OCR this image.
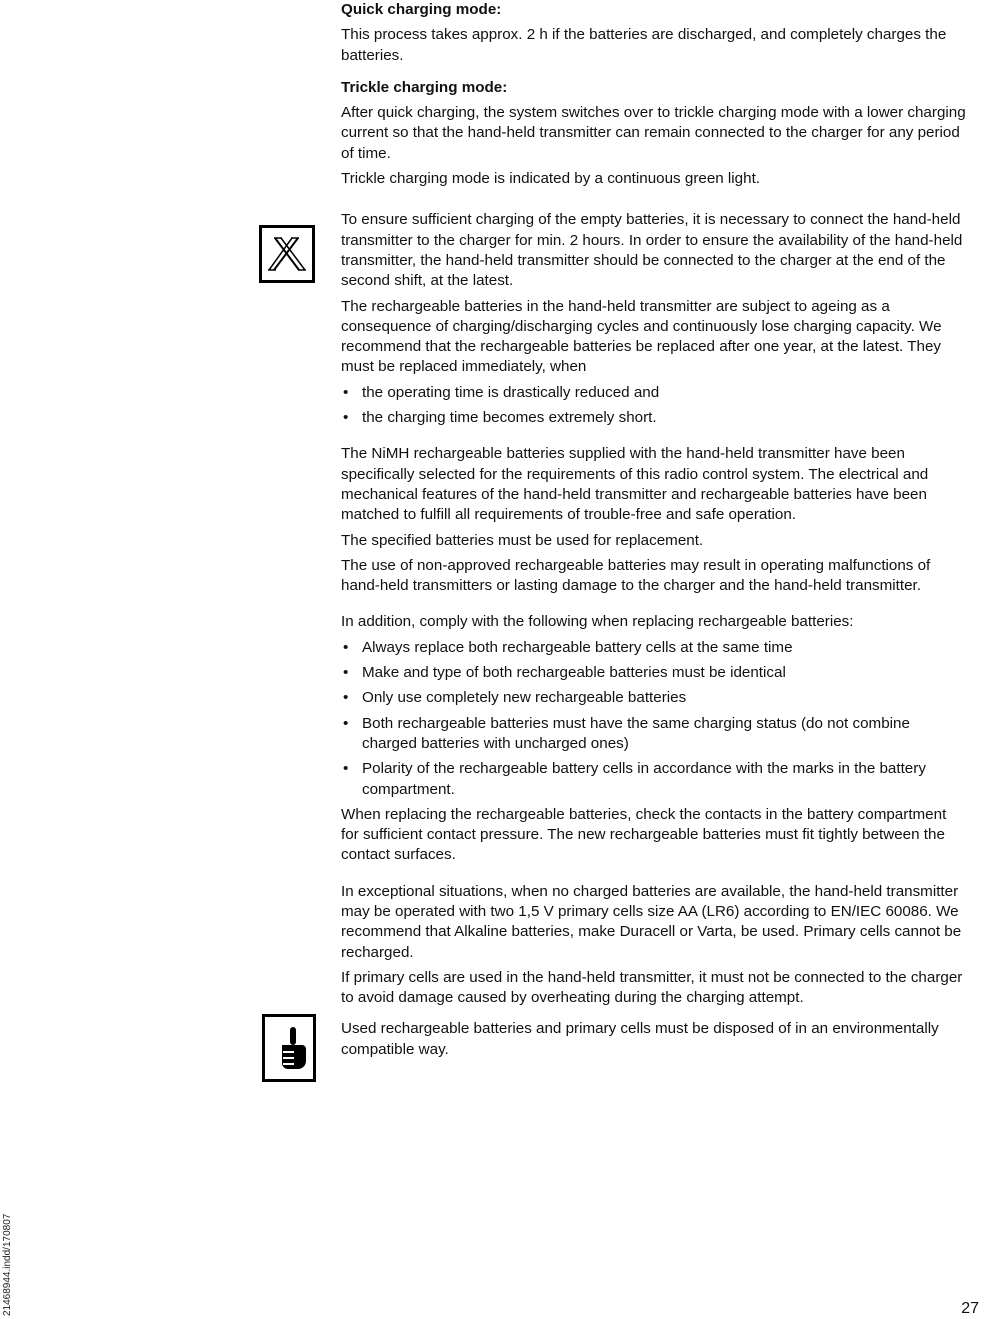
Quick charging mode:

This process takes approx. 2 h if the batteries are discharged, and completely charges the batteries.

Trickle charging mode:

After quick charging, the system switches over to trickle charging mode with a lower charging current so that the hand-held transmitter can remain connected to the charger for any period of time.

Trickle charging mode is indicated by a continuous green light.

To ensure sufficient charging of the empty batteries, it is necessary to connect the hand-held transmitter to the charger for min. 2 hours. In order to ensure the availability of the hand-held transmitter, the hand-held transmitter should be connected to the charger at the end of the second shift, at the latest.

The rechargeable batteries in the hand-held transmitter are subject to ageing as a consequence of charging/discharging cycles and continuously lose charging capacity. We recommend that the rechargeable batteries be replaced after one year, at the latest. They must be replaced immediately, when

• the operating time is drastically reduced and
• the charging time becomes extremely short.

The NiMH rechargeable batteries supplied with the hand-held transmitter have been specifically selected for the requirements of this radio control system. The electrical and mechanical features of the hand-held transmitter and rechargeable batteries have been matched to fulfill all requirements of trouble-free and safe operation.

The specified batteries must be used for replacement.

The use of non-approved rechargeable batteries may result in operating malfunctions of hand-held transmitters or lasting damage to the charger and the hand-held transmitter.

In addition, comply with the following when replacing rechargeable batteries:

• Always replace both rechargeable battery cells at the same time
• Make and type of both rechargeable batteries must be identical
• Only use completely new rechargeable batteries
• Both rechargeable batteries must have the same charging status (do not combine charged batteries with uncharged ones)
• Polarity of the rechargeable battery cells in accordance with the marks in the battery compartment.

When replacing the rechargeable batteries, check the contacts in the battery compartment for sufficient contact pressure. The new rechargeable batteries must fit tightly between the contact surfaces.

In exceptional situations, when no charged batteries are available, the hand-held transmitter may be operated with two 1,5 V primary cells size AA (LR6) according to EN/IEC 60086. We recommend that Alkaline batteries, make Duracell or Varta, be used. Primary cells cannot be recharged.

If primary cells are used in the hand-held transmitter, it must not be connected to the charger to avoid damage caused by overheating during the charging attempt.

Used rechargeable batteries and primary cells must be disposed of in an environmentally compatible way.

21468944.indd/170807	27
